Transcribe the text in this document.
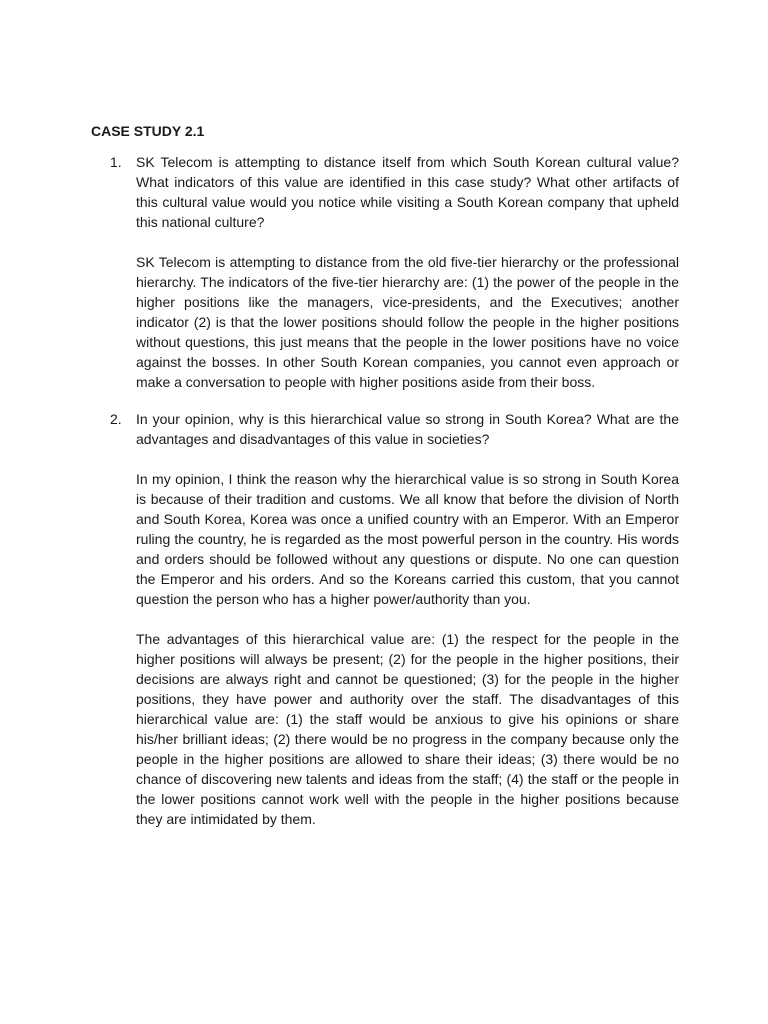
CASE STUDY 2.1
1.	SK Telecom is attempting to distance itself from which South Korean cultural value? What indicators of this value are identified in this case study? What other artifacts of this cultural value would you notice while visiting a South Korean company that upheld this national culture?

SK Telecom is attempting to distance from the old five-tier hierarchy or the professional hierarchy. The indicators of the five-tier hierarchy are: (1) the power of the people in the higher positions like the managers, vice-presidents, and the Executives; another indicator (2) is that the lower positions should follow the people in the higher positions without questions, this just means that the people in the lower positions have no voice against the bosses. In other South Korean companies, you cannot even approach or make a conversation to people with higher positions aside from their boss.

2.	In your opinion, why is this hierarchical value so strong in South Korea? What are the advantages and disadvantages of this value in societies?

In my opinion, I think the reason why the hierarchical value is so strong in South Korea is because of their tradition and customs. We all know that before the division of North and South Korea, Korea was once a unified country with an Emperor. With an Emperor ruling the country, he is regarded as the most powerful person in the country. His words and orders should be followed without any questions or dispute. No one can question the Emperor and his orders. And so the Koreans carried this custom, that you cannot question the person who has a higher power/authority than you.

The advantages of this hierarchical value are: (1) the respect for the people in the higher positions will always be present; (2) for the people in the higher positions, their decisions are always right and cannot be questioned; (3) for the people in the higher positions, they have power and authority over the staff. The disadvantages of this hierarchical value are: (1) the staff would be anxious to give his opinions or share his/her brilliant ideas; (2) there would be no progress in the company because only the people in the higher positions are allowed to share their ideas; (3) there would be no chance of discovering new talents and ideas from the staff; (4) the staff or the people in the lower positions cannot work well with the people in the higher positions because they are intimidated by them.
